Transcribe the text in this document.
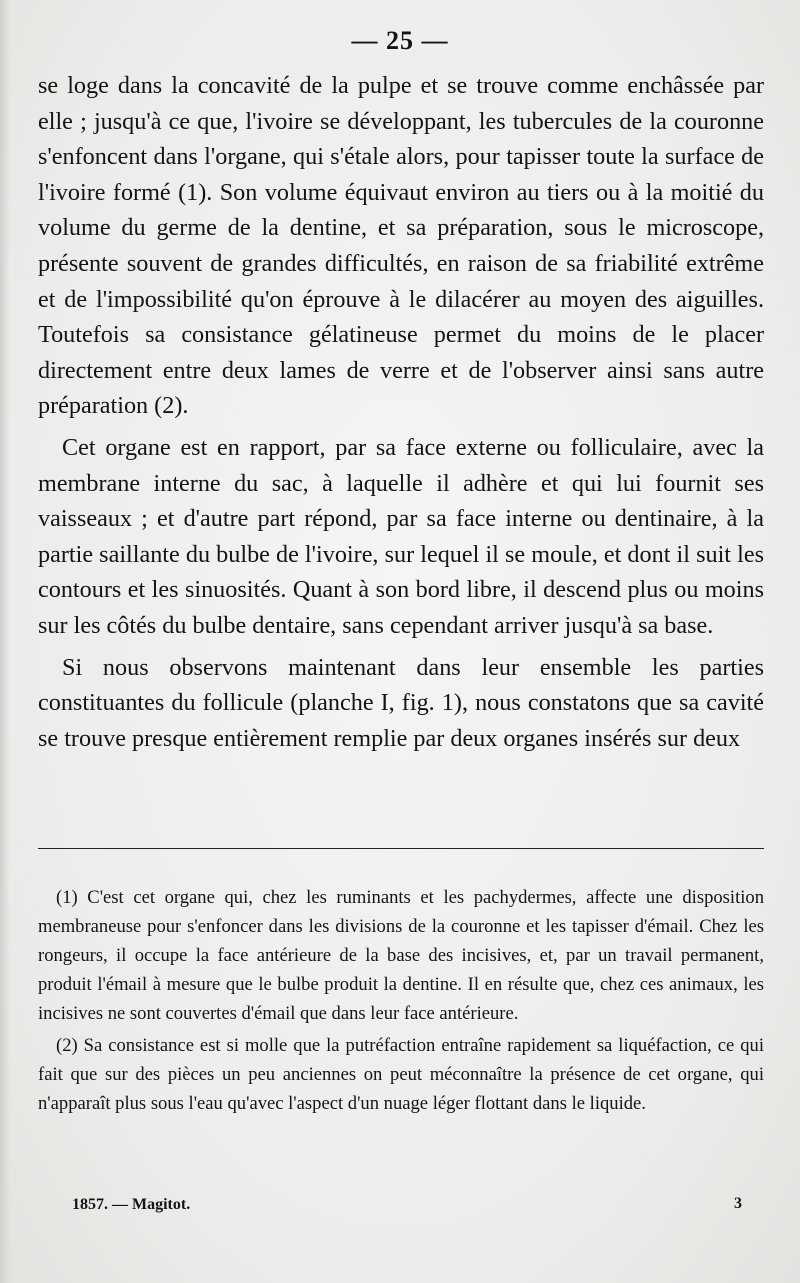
— 25 —

se loge dans la concavité de la pulpe et se trouve comme enchâssée par elle ; jusqu'à ce que, l'ivoire se développant, les tubercules de la couronne s'enfoncent dans l'organe, qui s'étale alors, pour tapisser toute la surface de l'ivoire formé (1). Son volume équivaut environ au tiers ou à la moitié du volume du germe de la dentine, et sa préparation, sous le microscope, présente souvent de grandes difficultés, en raison de sa friabilité extrême et de l'impossibilité qu'on éprouve à le dilacérer au moyen des aiguilles. Toutefois sa consistance gélatineuse permet du moins de le placer directement entre deux lames de verre et de l'observer ainsi sans autre préparation (2).

Cet organe est en rapport, par sa face externe ou folliculaire, avec la membrane interne du sac, à laquelle il adhère et qui lui fournit ses vaisseaux ; et d'autre part répond, par sa face interne ou dentinaire, à la partie saillante du bulbe de l'ivoire, sur lequel il se moule, et dont il suit les contours et les sinuosités. Quant à son bord libre, il descend plus ou moins sur les côtés du bulbe dentaire, sans cependant arriver jusqu'à sa base.

Si nous observons maintenant dans leur ensemble les parties constituantes du follicule (planche I, fig. 1), nous constatons que sa cavité se trouve presque entièrement remplie par deux organes insérés sur deux

(1) C'est cet organe qui, chez les ruminants et les pachydermes, affecte une disposition membraneuse pour s'enfoncer dans les divisions de la couronne et les tapisser d'émail. Chez les rongeurs, il occupe la face antérieure de la base des incisives, et, par un travail permanent, produit l'émail à mesure que le bulbe produit la dentine. Il en résulte que, chez ces animaux, les incisives ne sont couvertes d'émail que dans leur face antérieure.

(2) Sa consistance est si molle que la putréfaction entraîne rapidement sa liquéfaction, ce qui fait que sur des pièces un peu anciennes on peut méconnaître la présence de cet organe, qui n'apparaît plus sous l'eau qu'avec l'aspect d'un nuage léger flottant dans le liquide.

1857. — Magitot.	3
